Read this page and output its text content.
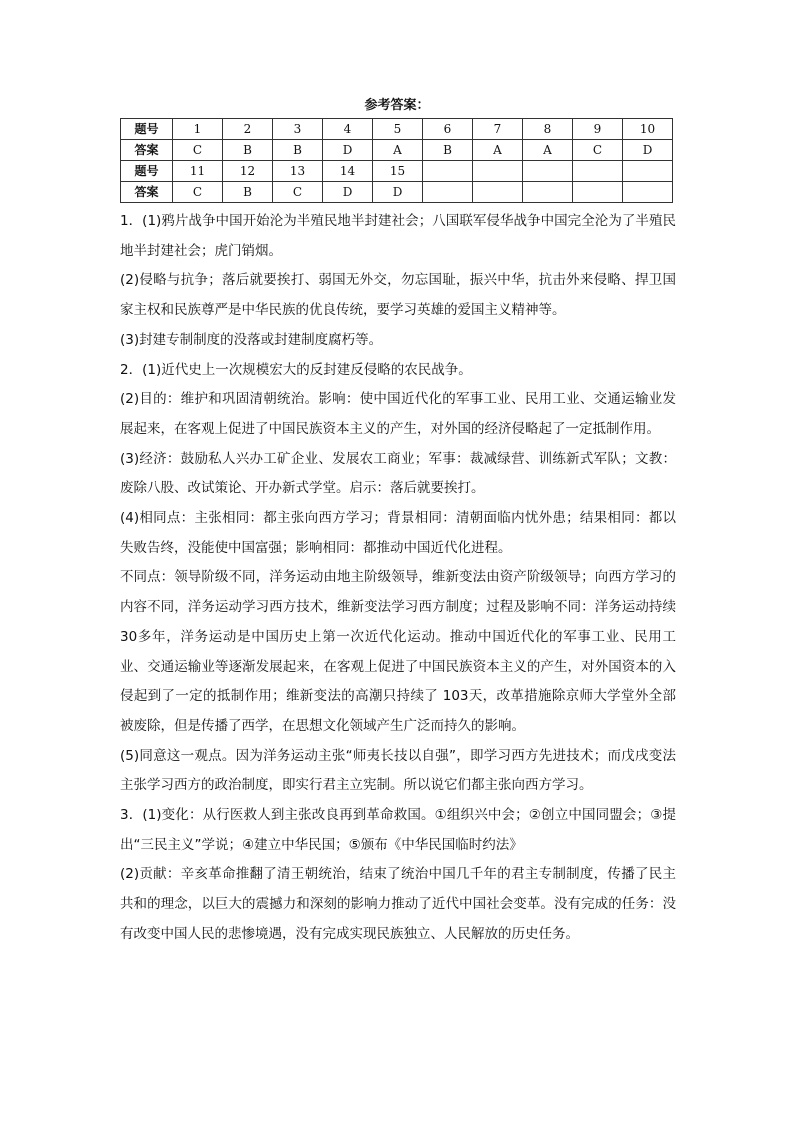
参考答案：
题号	1	2	3	4	5	6	7	8	9	10
答案	C	B	B	D	A	B	A	A	C	D
题号	11	12	13	14	15					
答案	C	B	C	D	D					

1．(1)鸦片战争中国开始沦为半殖民地半封建社会；八国联军侵华战争中国完全沦为了半殖民地半封建社会；虎门销烟。

(2)侵略与抗争；落后就要挨打、弱国无外交，勿忘国耻，振兴中华，抗击外来侵略、捍卫国家主权和民族尊严是中华民族的优良传统，要学习英雄的爱国主义精神等。

(3)封建专制制度的没落或封建制度腐朽等。

2．(1)近代史上一次规模宏大的反封建反侵略的农民战争。

(2)目的：维护和巩固清朝统治。影响：使中国近代化的军事工业、民用工业、交通运输业发展起来，在客观上促进了中国民族资本主义的产生，对外国的经济侵略起了一定抵制作用。

(3)经济：鼓励私人兴办工矿企业、发展农工商业；军事：裁减绿营、训练新式军队；文教：废除八股、改试策论、开办新式学堂。启示：落后就要挨打。

(4)相同点：主张相同：都主张向西方学习；背景相同：清朝面临内忧外患；结果相同：都以失败告终，没能使中国富强；影响相同：都推动中国近代化进程。

不同点：领导阶级不同，洋务运动由地主阶级领导，维新变法由资产阶级领导；向西方学习的内容不同，洋务运动学习西方技术，维新变法学习西方制度；过程及影响不同：洋务运动持续 30多年，洋务运动是中国历史上第一次近代化运动。推动中国近代化的军事工业、民用工业、交通运输业等逐渐发展起来，在客观上促进了中国民族资本主义的产生，对外国资本的入侵起到了一定的抵制作用；维新变法的高潮只持续了 103天，改革措施除京师大学堂外全部被废除，但是传播了西学，在思想文化领域产生广泛而持久的影响。

(5)同意这一观点。因为洋务运动主张“师夷长技以自强”，即学习西方先进技术；而戊戌变法主张学习西方的政治制度，即实行君主立宪制。所以说它们都主张向西方学习。

3．(1)变化：从行医救人到主张改良再到革命救国。①组织兴中会；②创立中国同盟会；③提出“三民主义”学说；④建立中华民国；⑤颁布《中华民国临时约法》

(2)贡献：辛亥革命推翻了清王朝统治，结束了统治中国几千年的君主专制制度，传播了民主共和的理念，以巨大的震撼力和深刻的影响力推动了近代中国社会变革。没有完成的任务：没有改变中国人民的悲惨境遇，没有完成实现民族独立、人民解放的历史任务。
